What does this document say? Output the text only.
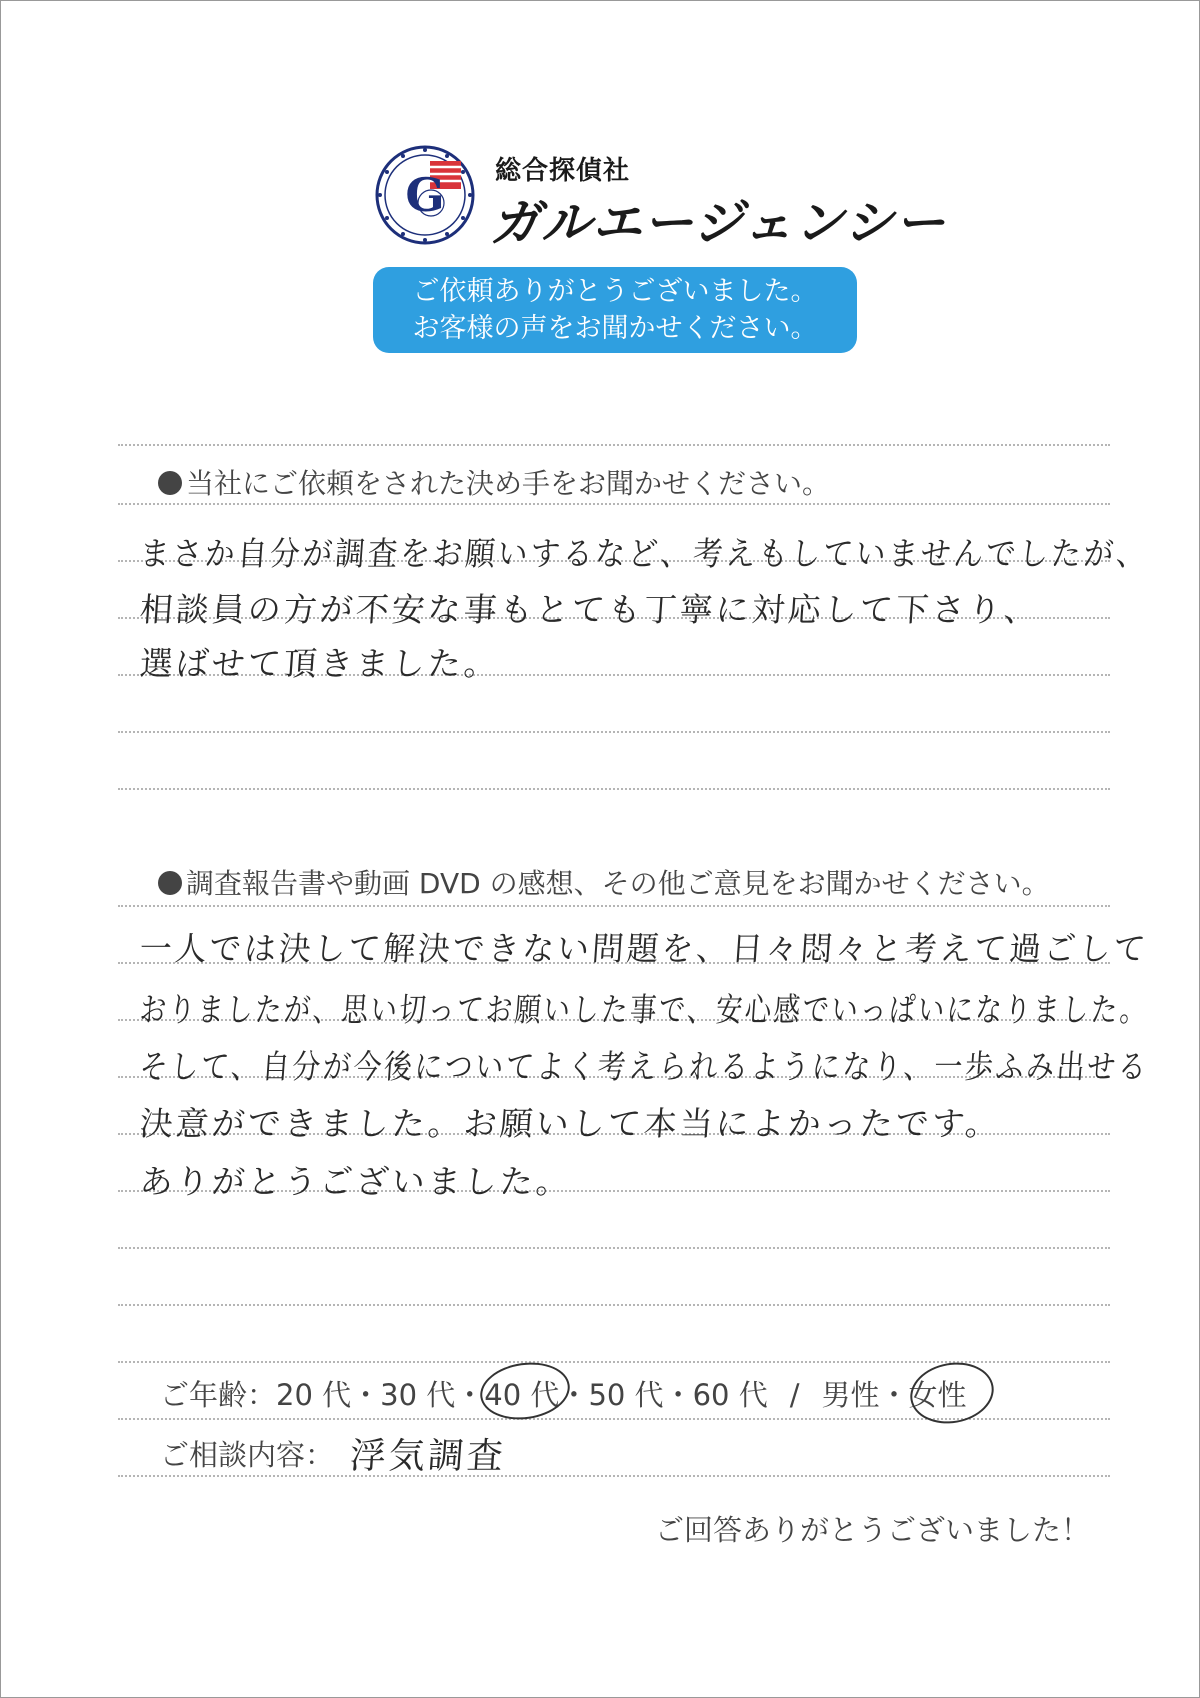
G 総合探偵社
ガルエージェンシー
ご依頼ありがとうございました。
お客様の声をお聞かせください。
当社にご依頼をされた決め手をお聞かせください。
まさか自分が調査をお願いするなど、考えもしていませんでしたが、
相談員の方が不安な事もとても丁寧に対応して下さり、
選ばせて頂きました。
調査報告書や動画 DVD の感想、その他ご意見をお聞かせください。
一人では決して解決できない問題を、日々悶々と考えて過ごして
おりましたが、思い切ってお願いした事で、安心感でいっぱいになりました。
そして、自分が今後についてよく考えられるようになり、一歩ふみ出せる
決意ができました。お願いして本当によかったです。
ありがとうございました。
ご年齢：20 代・30 代・40 代・50 代・60 代 / 男性・女性
ご相談内容： 浮気調査
ご回答ありがとうございました！
